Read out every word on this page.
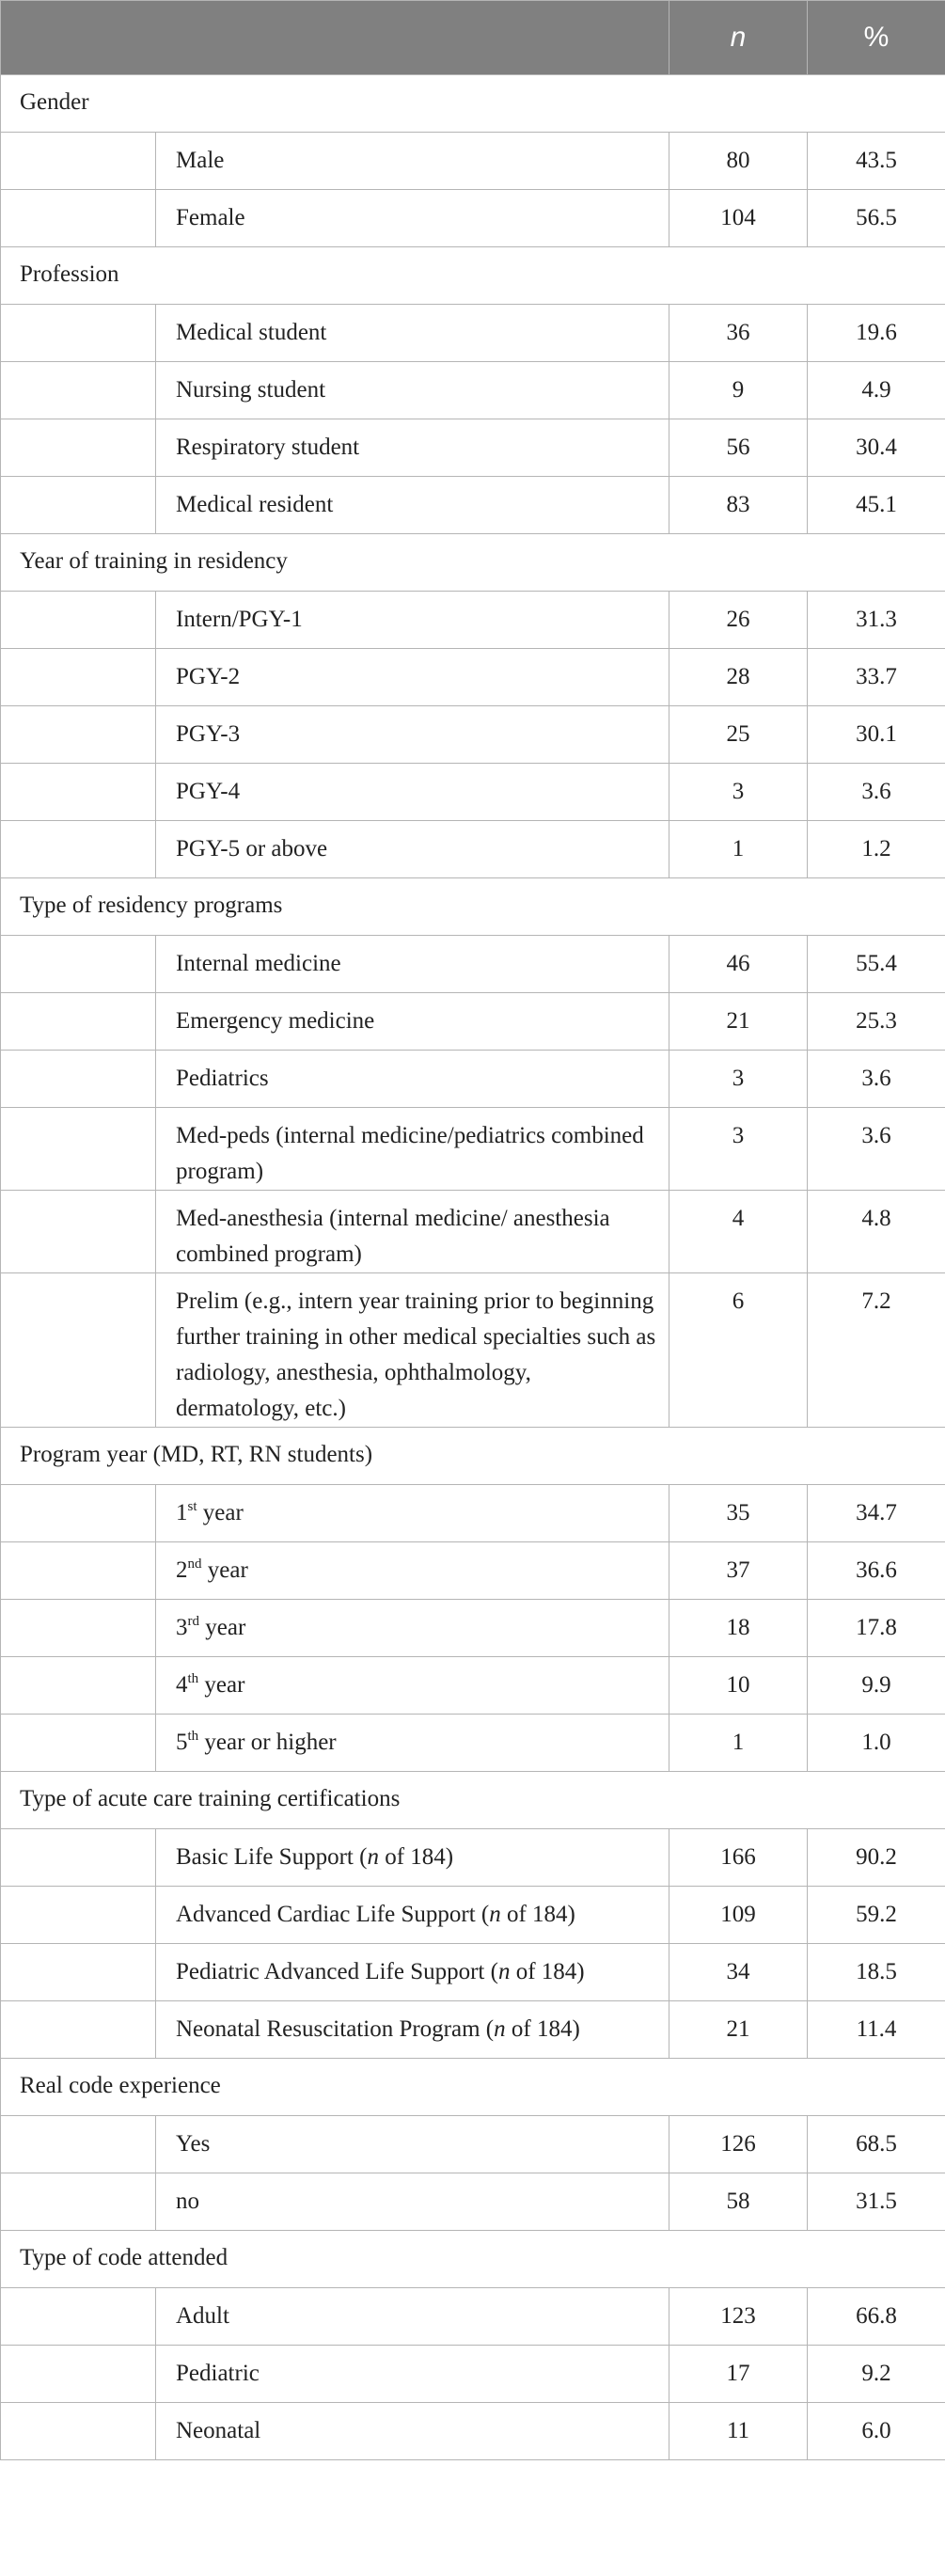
		n	%
Gender			
	Male	80	43.5
	Female	104	56.5
Profession			
	Medical student	36	19.6
	Nursing student	9	4.9
	Respiratory student	56	30.4
	Medical resident	83	45.1
Year of training in residency			
	Intern/PGY-1	26	31.3
	PGY-2	28	33.7
	PGY-3	25	30.1
	PGY-4	3	3.6
	PGY-5 or above	1	1.2
Type of residency programs			
	Internal medicine	46	55.4
	Emergency medicine	21	25.3
	Pediatrics	3	3.6
	Med-peds (internal medicine/pediatrics combined program)	3	3.6
	Med-anesthesia (internal medicine/ anesthesia combined program)	4	4.8
	Prelim (e.g., intern year training prior to beginning further training in other medical specialties such as radiology, anesthesia, ophthalmology, dermatology, etc.)	6	7.2
Program year (MD, RT, RN students)			
	1st year	35	34.7
	2nd year	37	36.6
	3rd year	18	17.8
	4th year	10	9.9
	5th year or higher	1	1.0
Type of acute care training certifications			
	Basic Life Support (n of 184)	166	90.2
	Advanced Cardiac Life Support (n of 184)	109	59.2
	Pediatric Advanced Life Support (n of 184)	34	18.5
	Neonatal Resuscitation Program (n of 184)	21	11.4
Real code experience			
	Yes	126	68.5
	no	58	31.5
Type of code attended			
	Adult	123	66.8
	Pediatric	17	9.2
	Neonatal	11	6.0
